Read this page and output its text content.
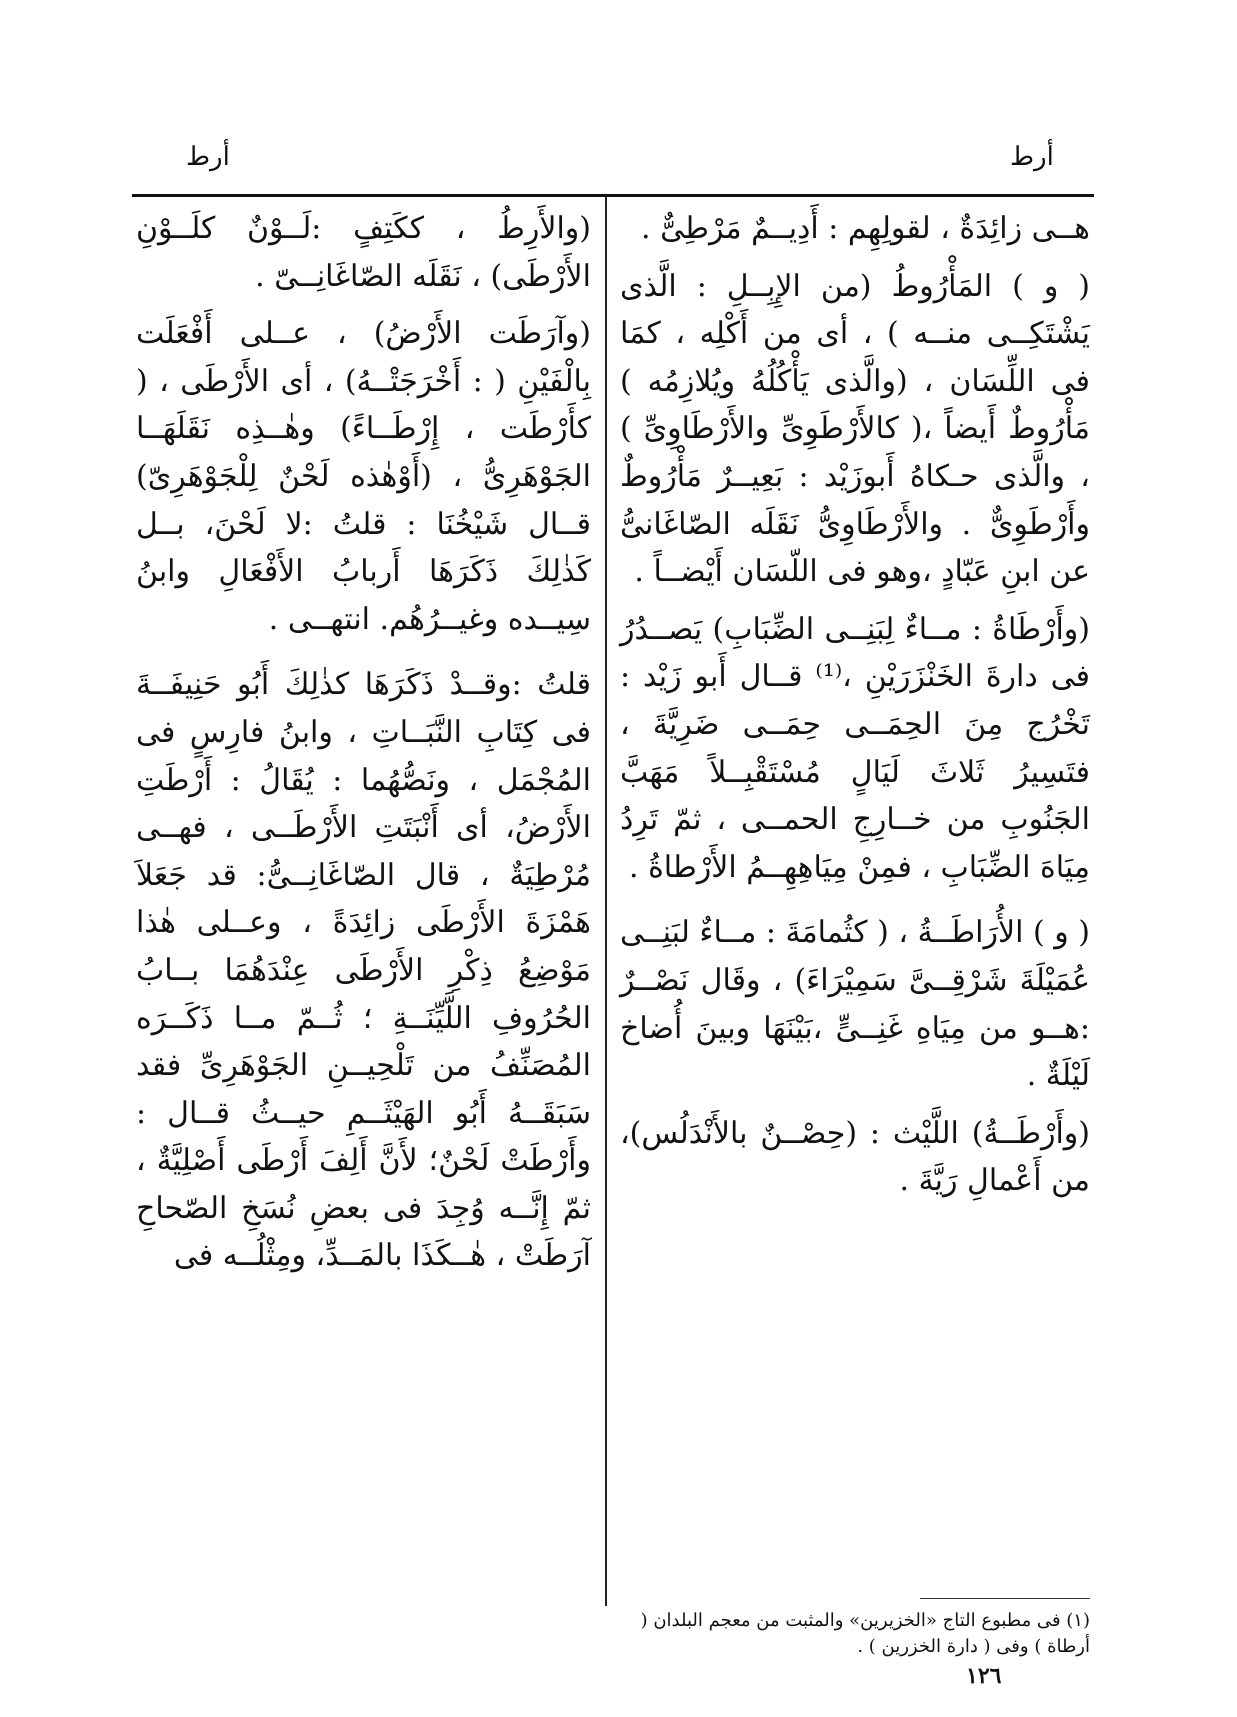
أرط	أرط

هــى زائِدَةٌ ، لقولِهِم : أَدِيــمٌ مَرْطِىٌّ .

( و ) المَأْرُوطُ (من الإِبِــلِ : الَّذى يَشْتَكِــى منــه ) ، أى من أَكْلِه ، كمَا فى اللِّسَان ، (والَّذى يَأْكُلُهُ ويُلازِمُه ) مَأْرُوطٌ أَيضاً ،( كالأَرْطَوِىِّ والأَرْطَاوِىِّ ) ، والَّذى حـكاهُ أَبوزَيْد : بَعِيــرٌ مَأْرُوطٌ وأَرْطَوِىٌّ . والأَرْطَاوِىُّ نَقَلَه الصّاغَانىُّ عن ابنِ عَبّادٍ ،وهو فى اللّسَان أَيْضــاً .

(وأَرْطَاةُ : مــاءٌ لِبَنِــى الضِّبَابِ) يَصــدُرُ فى دارةَ الخَنْزَرَيْنِ ،⁽¹⁾ قــال أَبو زَيْد : تَخْرُج مِنَ الحِمَــى حِمَــى ضَرِيَّةَ ، فتَسِيرُ ثَلاثَ لَيَالٍ مُسْتَقْبِــلاً مَهَبَّ الجَنُوبِ من خــارِجِ الحمــى ، ثمّ تَرِدُ مِيَاهَ الضِّبَابِ ، فمِنْ مِيَاهِهِــمُ الأَرْطاةُ .

( و ) الأُرَاطَــةُ ، ( كثُمامَةَ : مــاءٌ لبَنِــى عُمَيْلَةَ شَرْقِــىَّ سَمِيْرَاءَ) ، وقَال نَصْــرٌ :هــو من مِيَاهِ غَنِــىٍّ ،بَيْنَهَا وبينَ أُضاخ لَيْلَةٌ .

(وأَرْطَــةُ) اللَّيْث : (حِصْــنٌ بالأَنْدَلُس)، من أَعْمالِ رَيَّةَ .

(١) فى مطبوع التاج «الخزيرين» والمثبت من معجم البلدان ( أرطاة ) وفى ( دارة الخزرين ) .

(والأَرِطُ ، ككَتِفٍ :لَــوْنٌ كلَــوْنِ الأَرْطَى) ، نَقَلَه الصّاغَانِــىّ .

(وآرَطَت الأَرْضُ) ، عــلى أَفْعَلَت بِالْفَيْنِ ( : أَخْرَجَتْــهُ) ، أى الأَرْطَى ، ( كأَرْطَت ، إِرْطَــاءً) وهٰــذِه نَقَلَهَــا الجَوْهَرِىُّ ، (أَوْهٰذه لَحْنٌ لِلْجَوْهَرِىّ) قــال شَيْخُنَا : قلتُ :لا لَحْنَ، بــل كَذٰلِكَ ذَكَرَهَا أَربابُ الأَفْعَالِ وابنُ سِيــده وغيــرُهُم. انتهــى .

قلتُ :وقــدْ ذَكَرَهَا كذٰلِكَ أَبُو حَنِيفَــةَ فى كِتَابِ النَّبَــاتِ ، وابنُ فارِسٍ فى المُجْمَل ، ونَصُّهُما : يُقَالُ : أَرْطَتِ الأَرْضُ، أى أَنْبَتَتِ الأَرْطَــى ، فهــى مُرْطِيَةٌ ، قال الصّاغَانِــىُّ: قد جَعَلاَ هَمْزَةَ الأَرْطَى زائِدَةً ، وعــلى هٰذا مَوْضِعُ ذِكْرِ الأَرْطَى عِنْدَهُمَا بــابُ الحُرُوفِ اللَّيِّنَــةِ ؛ ثُــمّ مــا ذَكَــرَه المُصَنِّفُ من تَلْحِيــنِ الجَوْهَرِىِّ فقد سَبَقَــهُ أَبُو الهَيْثَــمِ حيــثُ قــال : وأَرْطَتْ لَحْنٌ؛ لأَنَّ أَلِفَ أَرْطَى أَصْلِيَّةٌ ، ثمّ إِنَّــه وُجِدَ فى بعضِ نُسَخِ الصّحاحِ آرَطَتْ ، هٰــكَذَا بالمَــدِّ، ومِثْلُــه فى

١٢٦
